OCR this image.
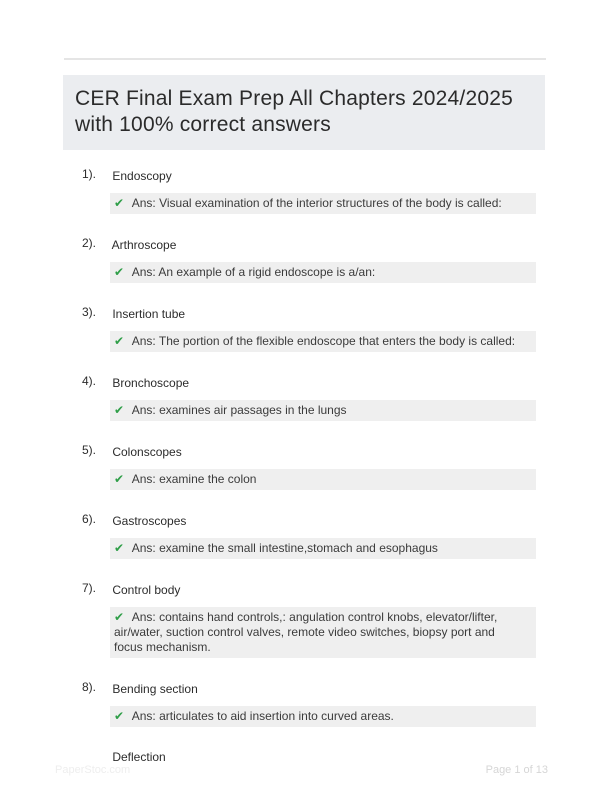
CER Final Exam Prep All Chapters 2024/2025 with 100% correct answers
1). Endoscopy
✔ Ans: Visual examination of the interior structures of the body is called:
2). Arthroscope
✔ Ans: An example of a rigid endoscope is a/an:
3). Insertion tube
✔ Ans: The portion of the flexible endoscope that enters the body is called:
4). Bronchoscope
✔ Ans: examines air passages in the lungs
5). Colonscopes
✔ Ans: examine the colon
6). Gastroscopes
✔ Ans: examine the small intestine,stomach and esophagus
7). Control body
✔ Ans: contains hand controls,: angulation control knobs, elevator/lifter, air/water, suction control valves, remote video switches, biopsy port and focus mechanism.
8). Bending section
✔ Ans: articulates to aid insertion into curved areas.
Deflection
PaperStoc.com	Page 1 of 13
